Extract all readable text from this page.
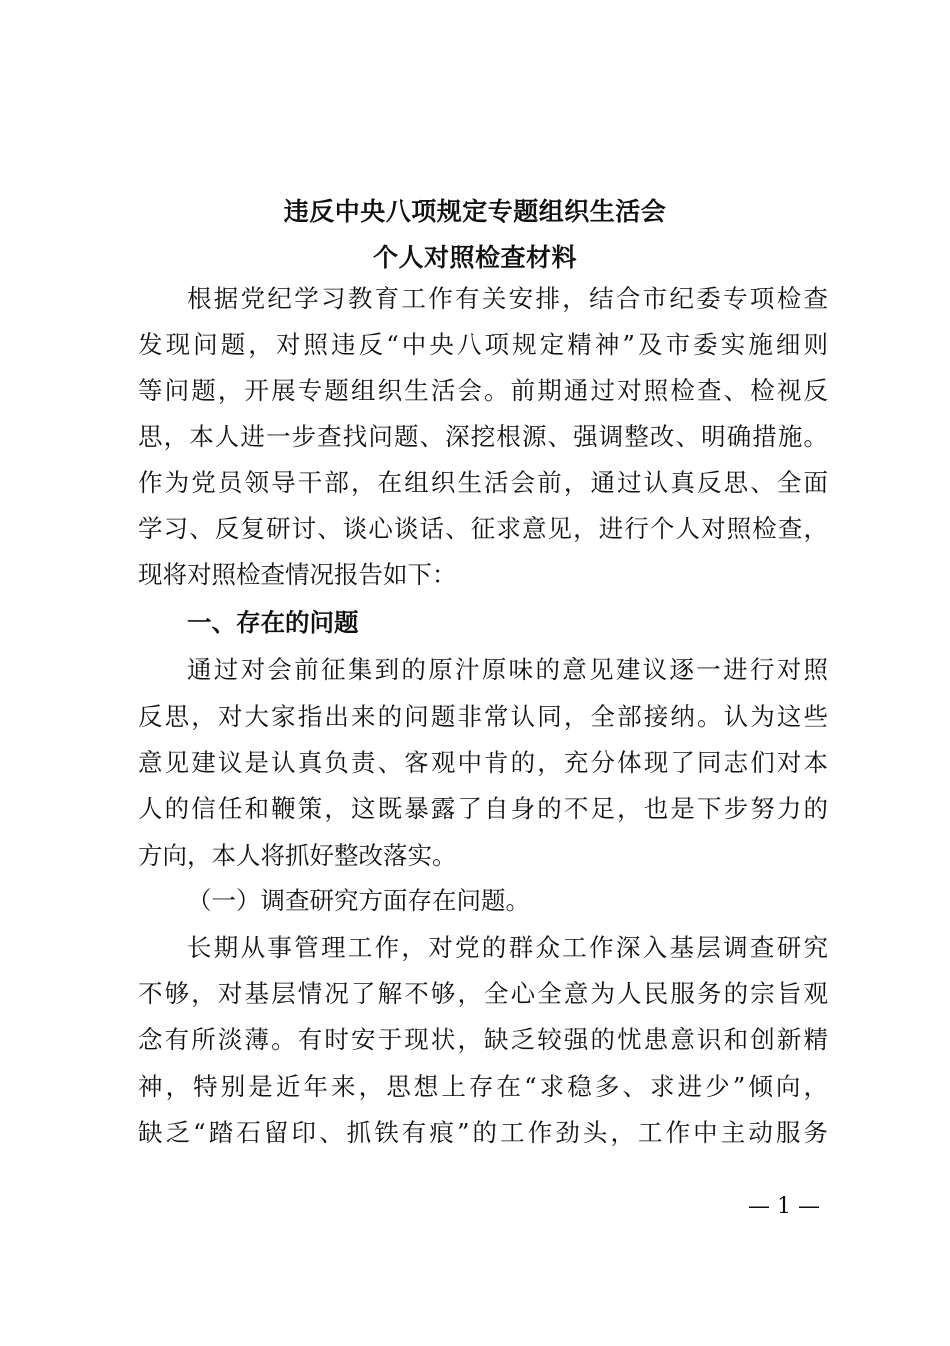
违反中央八项规定专题组织生活会
个人对照检查材料
根据党纪学习教育工作有关安排，结合市纪委专项检查
发现问题，对照违反“中央八项规定精神”及市委实施细则
等问题，开展专题组织生活会。前期通过对照检查、检视反
思，本人进一步查找问题、深挖根源、强调整改、明确措施。
作为党员领导干部，在组织生活会前，通过认真反思、全面
学习、反复研讨、谈心谈话、征求意见，进行个人对照检查，
现将对照检查情况报告如下：
一、存在的问题
通过对会前征集到的原汁原味的意见建议逐一进行对照
反思，对大家指出来的问题非常认同，全部接纳。认为这些
意见建议是认真负责、客观中肯的，充分体现了同志们对本
人的信任和鞭策，这既暴露了自身的不足，也是下步努力的
方向，本人将抓好整改落实。
（一）调查研究方面存在问题。
长期从事管理工作，对党的群众工作深入基层调查研究
不够，对基层情况了解不够，全心全意为人民服务的宗旨观
念有所淡薄。有时安于现状，缺乏较强的忧患意识和创新精
神，特别是近年来，思想上存在“求稳多、求进少”倾向，
缺乏“踏石留印、抓铁有痕”的工作劲头，工作中主动服务
— 1 —
